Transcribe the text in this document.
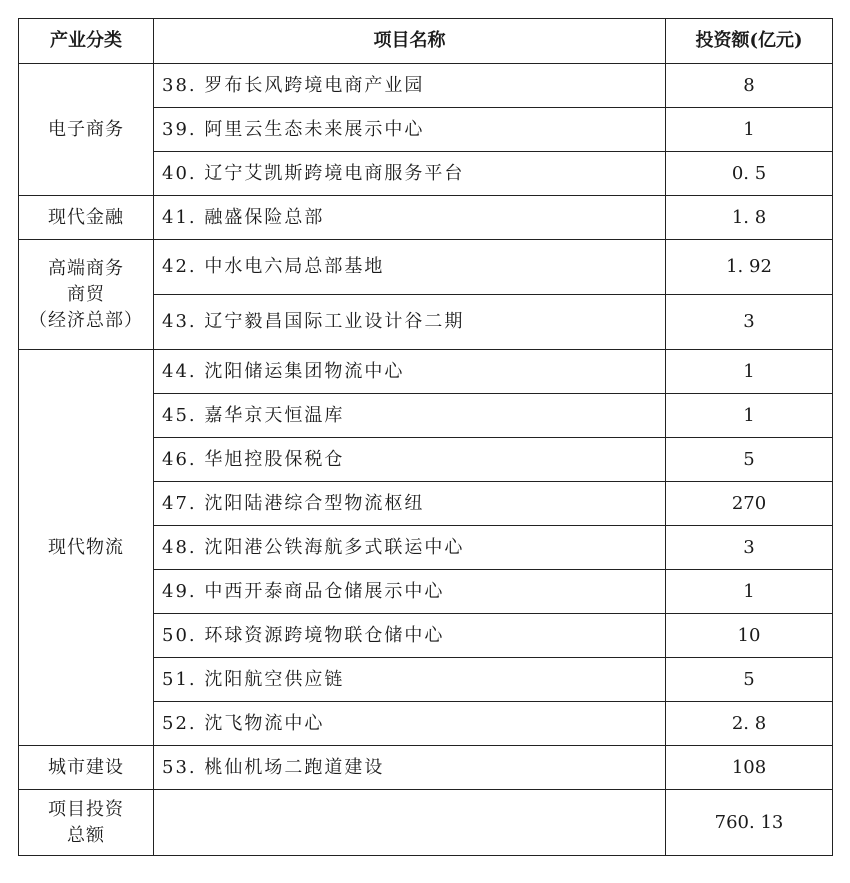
产业分类	项目名称	投资额(亿元)
电子商务	38. 罗布长风跨境电商产业园	8
	39. 阿里云生态未来展示中心	1
	40. 辽宁艾凯斯跨境电商服务平台	0. 5
现代金融	41. 融盛保险总部	1. 8

高端商务
商贸
（经济总部）	42. 中水电六局总部基地	1. 92
	43. 辽宁毅昌国际工业设计谷二期	3
现代物流	44. 沈阳储运集团物流中心	1
	45. 嘉华京天恒温库	1
	46. 华旭控股保税仓	5
	47. 沈阳陆港综合型物流枢纽	270
	48. 沈阳港公铁海航多式联运中心	3
	49. 中西开泰商品仓储展示中心	1
	50. 环球资源跨境物联仓储中心	10
	51. 沈阳航空供应链	5
	52. 沈飞物流中心	2. 8
城市建设	53. 桃仙机场二跑道建设	108

项目投资
总额		760. 13
